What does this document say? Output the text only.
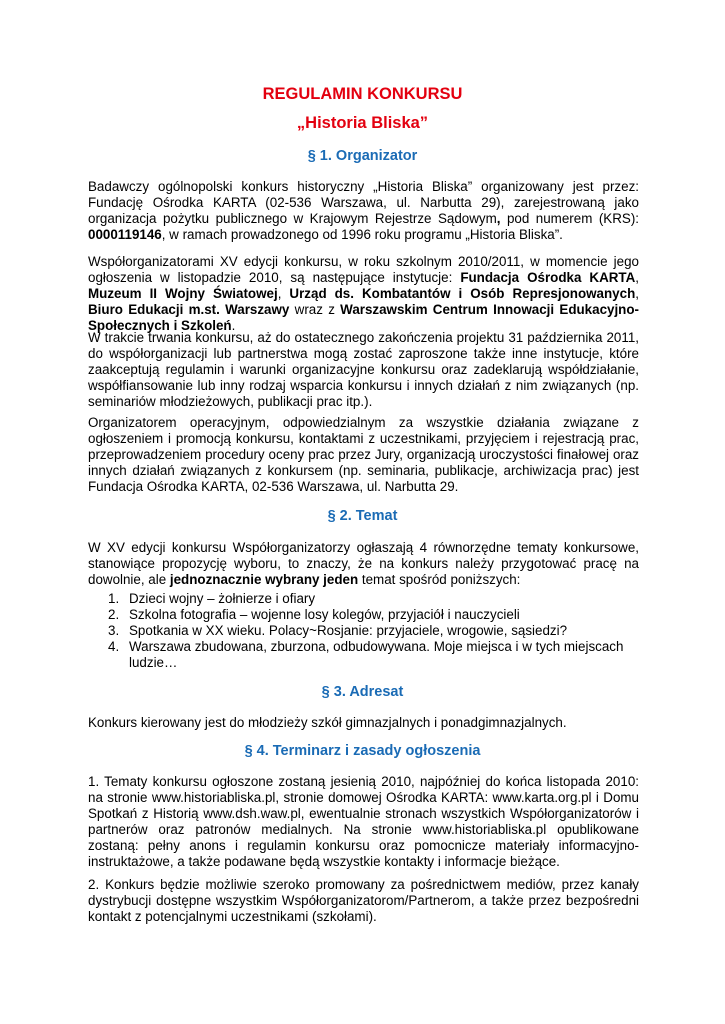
REGULAMIN KONKURSU
„Historia Bliska”
§ 1. Organizator
Badawczy ogólnopolski konkurs historyczny „Historia Bliska” organizowany jest przez: Fundację Ośrodka KARTA (02-536 Warszawa, ul. Narbutta 29), zarejestrowaną jako organizacja pożytku publicznego w Krajowym Rejestrze Sądowym, pod numerem (KRS): 0000119146, w ramach prowadzonego od 1996 roku programu „Historia Bliska”.
Współorganizatorami XV edycji konkursu, w roku szkolnym 2010/2011, w momencie jego ogłoszenia w listopadzie 2010, są następujące instytucje: Fundacja Ośrodka KARTA, Muzeum II Wojny Światowej, Urząd ds. Kombatantów i Osób Represjonowanych, Biuro Edukacji m.st. Warszawy wraz z Warszawskim Centrum Innowacji Edukacyjno-Społecznych i Szkoleń.
W trakcie trwania konkursu, aż do ostatecznego zakończenia projektu 31 października 2011, do współorganizacji lub partnerstwa mogą zostać zaproszone także inne instytucje, które zaakceptują regulamin i warunki organizacyjne konkursu oraz zadeklarują współdziałanie, współfiansowanie lub inny rodzaj wsparcia konkursu i innych działań z nim związanych (np. seminariów młodzieżowych, publikacji prac itp.).
Organizatorem operacyjnym, odpowiedzialnym za wszystkie działania związane z ogłoszeniem i promocją konkursu, kontaktami z uczestnikami, przyjęciem i rejestracją prac, przeprowadzeniem procedury oceny prac przez Jury, organizacją uroczystości finałowej oraz innych działań związanych z konkursem (np. seminaria, publikacje, archiwizacja prac) jest Fundacja Ośrodka KARTA, 02-536 Warszawa, ul. Narbutta 29.
§ 2. Temat
W XV edycji konkursu Współorganizatorzy ogłaszają 4 równorzędne tematy konkursowe, stanowiące propozycję wyboru, to znaczy, że na konkurs należy przygotować pracę na dowolnie, ale jednoznacznie wybrany jeden temat spośród poniższych:
1. Dzieci wojny – żołnierze i ofiary
2. Szkolna fotografia – wojenne losy kolegów, przyjaciół i nauczycieli
3. Spotkania w XX wieku. Polacy~Rosjanie: przyjaciele, wrogowie, sąsiedzi?
4. Warszawa zbudowana, zburzona, odbudowywana. Moje miejsca i w tych miejscach ludzie…
§ 3. Adresat
Konkurs kierowany jest do młodzieży szkół gimnazjalnych i ponadgimnazjalnych.
§ 4. Terminarz i zasady ogłoszenia
1. Tematy konkursu ogłoszone zostaną jesienią 2010, najpóźniej do końca listopada 2010: na stronie www.historiabliska.pl, stronie domowej Ośrodka KARTA: www.karta.org.pl i Domu Spotkań z Historią www.dsh.waw.pl, ewentualnie stronach wszystkich Współorganizatorów i partnerów oraz patronów medialnych. Na stronie www.historiabliska.pl opublikowane zostaną: pełny anons i regulamin konkursu oraz pomocnicze materiały informacyjno-instruktażowe, a także podawane będą wszystkie kontakty i informacje bieżące.
2. Konkurs będzie możliwie szeroko promowany za pośrednictwem mediów, przez kanały dystrybucji dostępne wszystkim Współorganizatorom/Partnerom, a także przez bezpośredni kontakt z potencjalnymi uczestnikami (szkołami).
